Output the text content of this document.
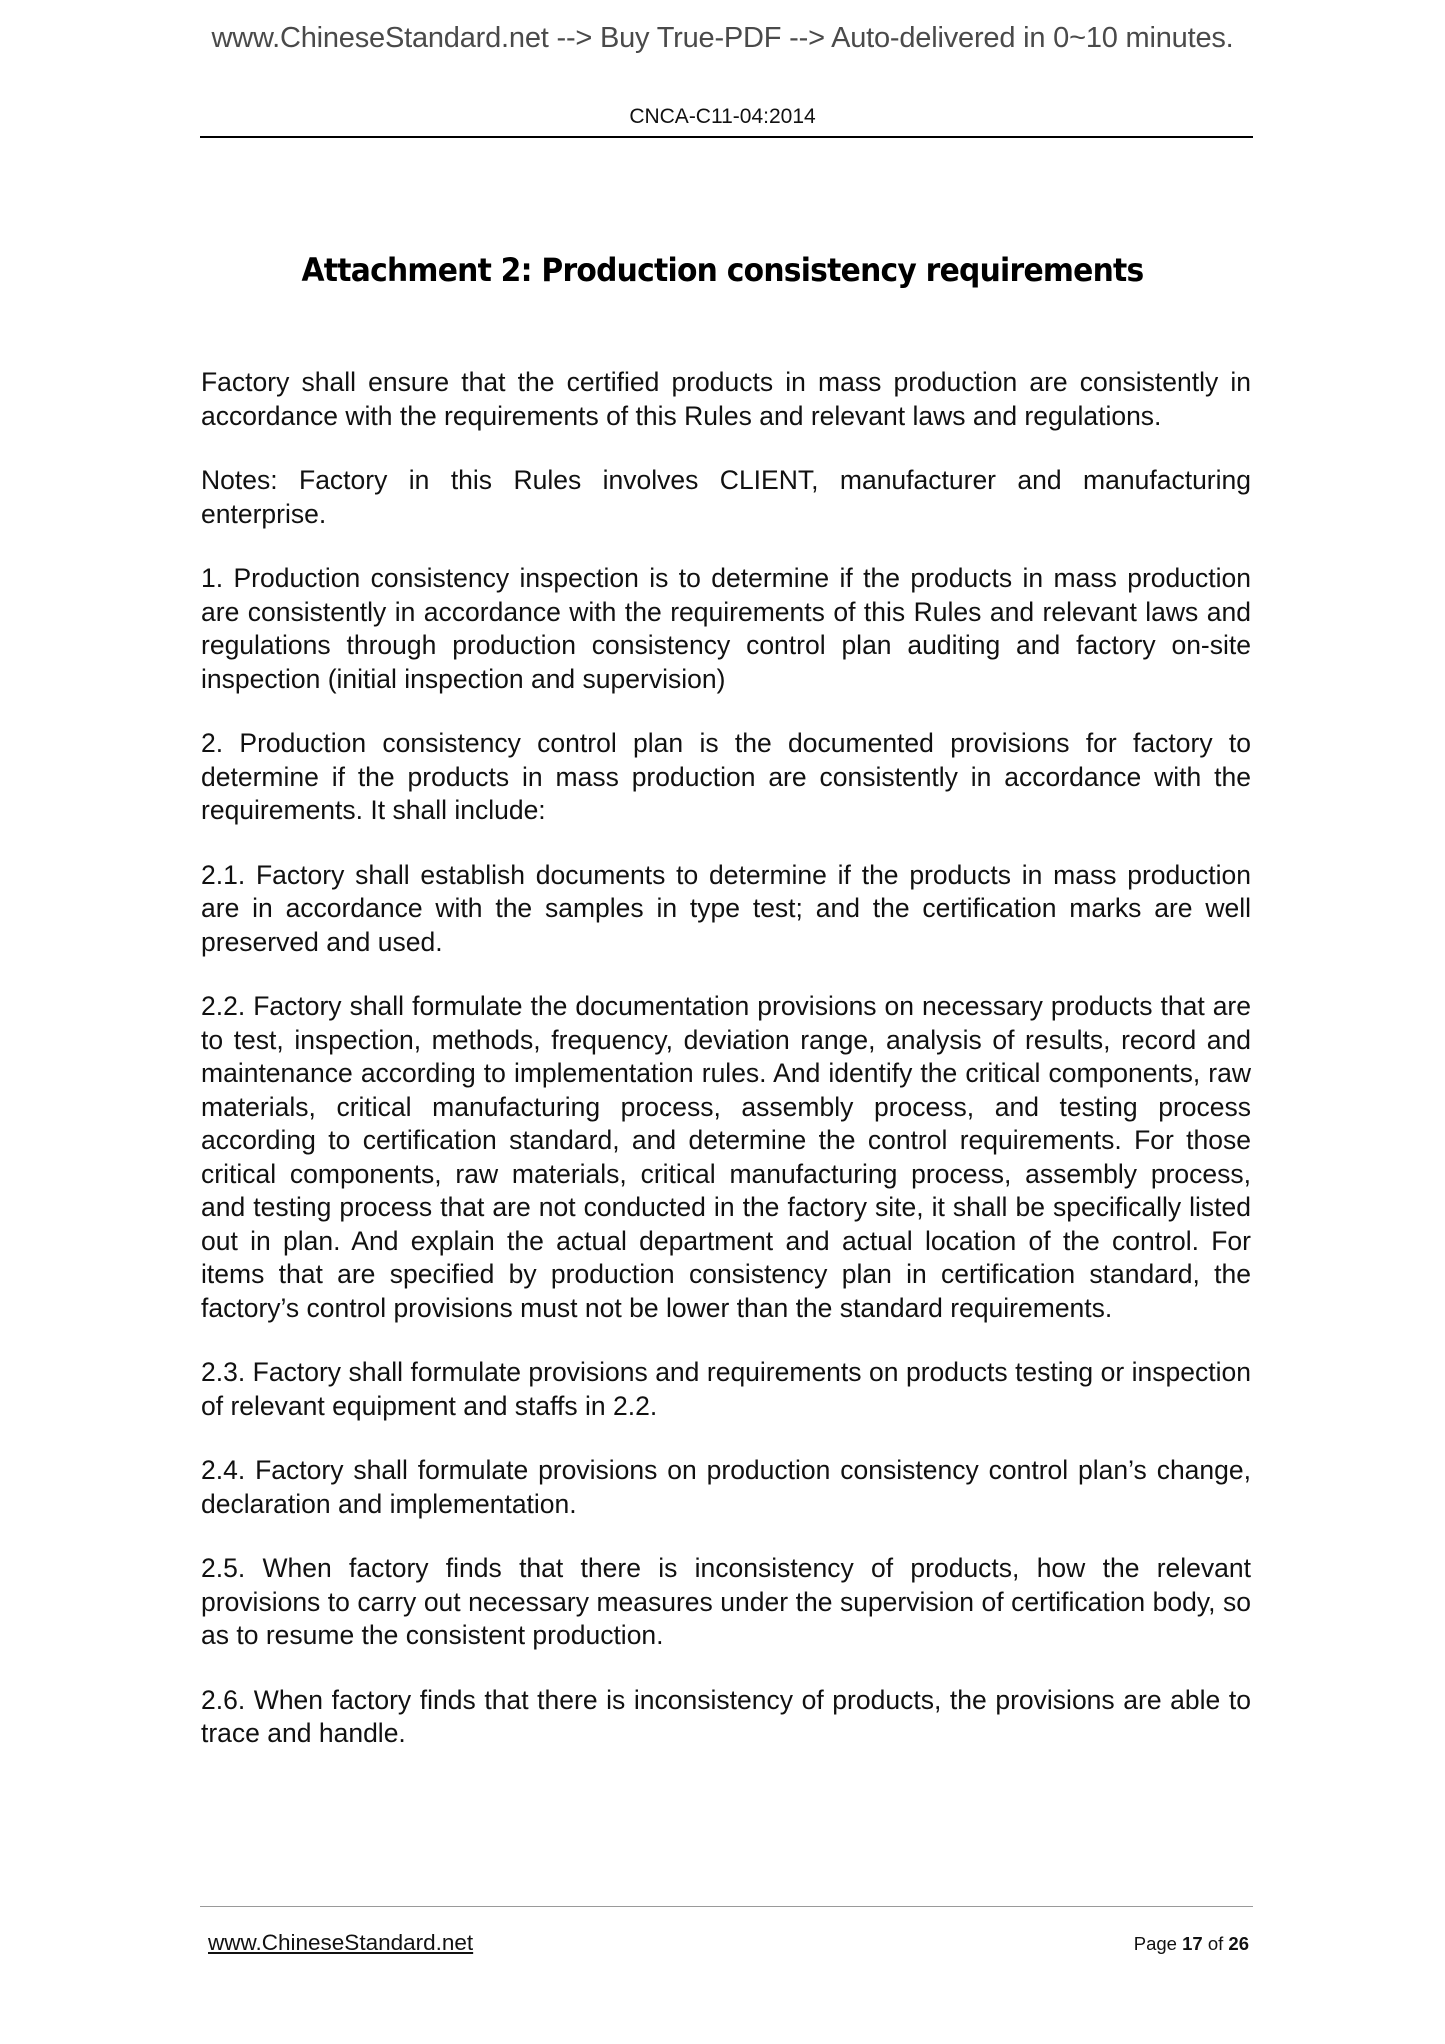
www.ChineseStandard.net --> Buy True-PDF --> Auto-delivered in 0~10 minutes.
CNCA-C11-04:2014
Attachment 2: Production consistency requirements

Factory shall ensure that the certified products in mass production are consistently in accordance with the requirements of this Rules and relevant laws and regulations.

Notes: Factory in this Rules involves CLIENT, manufacturer and manufacturing enterprise.

1. Production consistency inspection is to determine if the products in mass production are consistently in accordance with the requirements of this Rules and relevant laws and regulations through production consistency control plan auditing and factory on-site inspection (initial inspection and supervision)

2. Production consistency control plan is the documented provisions for factory to determine if the products in mass production are consistently in accordance with the requirements. It shall include:

2.1. Factory shall establish documents to determine if the products in mass production are in accordance with the samples in type test; and the certification marks are well preserved and used.

2.2. Factory shall formulate the documentation provisions on necessary products that are to test, inspection, methods, frequency, deviation range, analysis of results, record and maintenance according to implementation rules. And identify the critical components, raw materials, critical manufacturing process, assembly process, and testing process according to certification standard, and determine the control requirements. For those critical components, raw materials, critical manufacturing process, assembly process, and testing process that are not conducted in the factory site, it shall be specifically listed out in plan. And explain the actual department and actual location of the control. For items that are specified by production consistency plan in certification standard, the factory’s control provisions must not be lower than the standard requirements.

2.3. Factory shall formulate provisions and requirements on products testing or inspection of relevant equipment and staffs in 2.2.

2.4. Factory shall formulate provisions on production consistency control plan’s change, declaration and implementation.

2.5. When factory finds that there is inconsistency of products, how the relevant provisions to carry out necessary measures under the supervision of certification body, so as to resume the consistent production.

2.6. When factory finds that there is inconsistency of products, the provisions are able to trace and handle.

www.ChineseStandard.net	Page 17 of 26
